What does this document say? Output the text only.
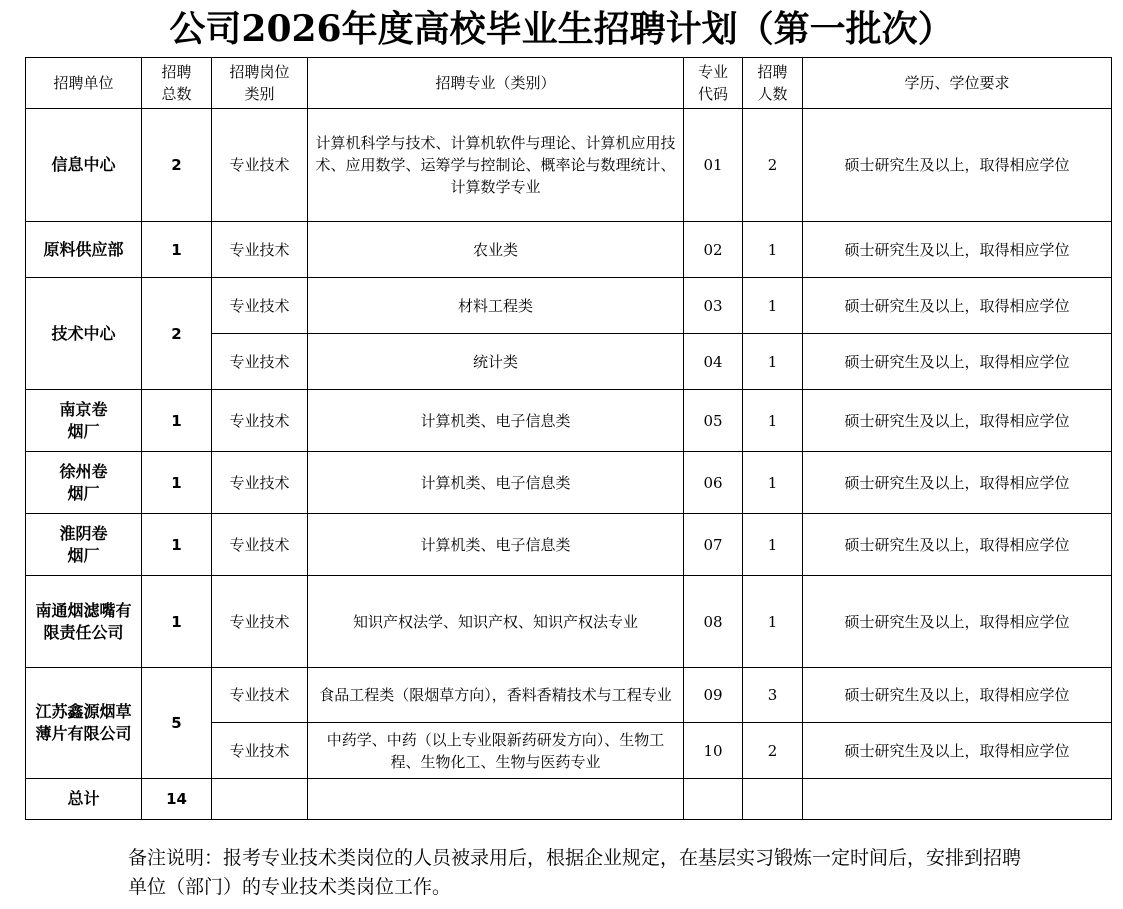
公司2026年度高校毕业生招聘计划（第一批次）
招聘单位	招聘总数	招聘岗位类别	招聘专业（类别）	专业代码	招聘人数	学历、学位要求
信息中心	2	专业技术	计算机科学与技术、计算机软件与理论、计算机应用技术、应用数学、运筹学与控制论、概率论与数理统计、计算数学专业	01	2	硕士研究生及以上，取得相应学位
原料供应部	1	专业技术	农业类	02	1	硕士研究生及以上，取得相应学位
技术中心	2	专业技术	材料工程类	03	1	硕士研究生及以上，取得相应学位
		专业技术	统计类	04	1	硕士研究生及以上，取得相应学位

南京卷烟厂	1	专业技术	计算机类、电子信息类	05	1	硕士研究生及以上，取得相应学位

徐州卷烟厂	1	专业技术	计算机类、电子信息类	06	1	硕士研究生及以上，取得相应学位

淮阴卷烟厂	1	专业技术	计算机类、电子信息类	07	1	硕士研究生及以上，取得相应学位
南通烟滤嘴有限责任公司	1	专业技术	知识产权法学、知识产权、知识产权法专业	08	1	硕士研究生及以上，取得相应学位
江苏鑫源烟草薄片有限公司	5	专业技术	食品工程类（限烟草方向），香料香精技术与工程专业	09	3	硕士研究生及以上，取得相应学位
		专业技术	中药学、中药（以上专业限新药研发方向）、生物工程、生物化工、生物与医药专业	10	2	硕士研究生及以上，取得相应学位
总计	14					
备注说明：报考专业技术类岗位的人员被录用后，根据企业规定，在基层实习锻炼一定时间后，安排到招聘单位（部门）的专业技术类岗位工作。
